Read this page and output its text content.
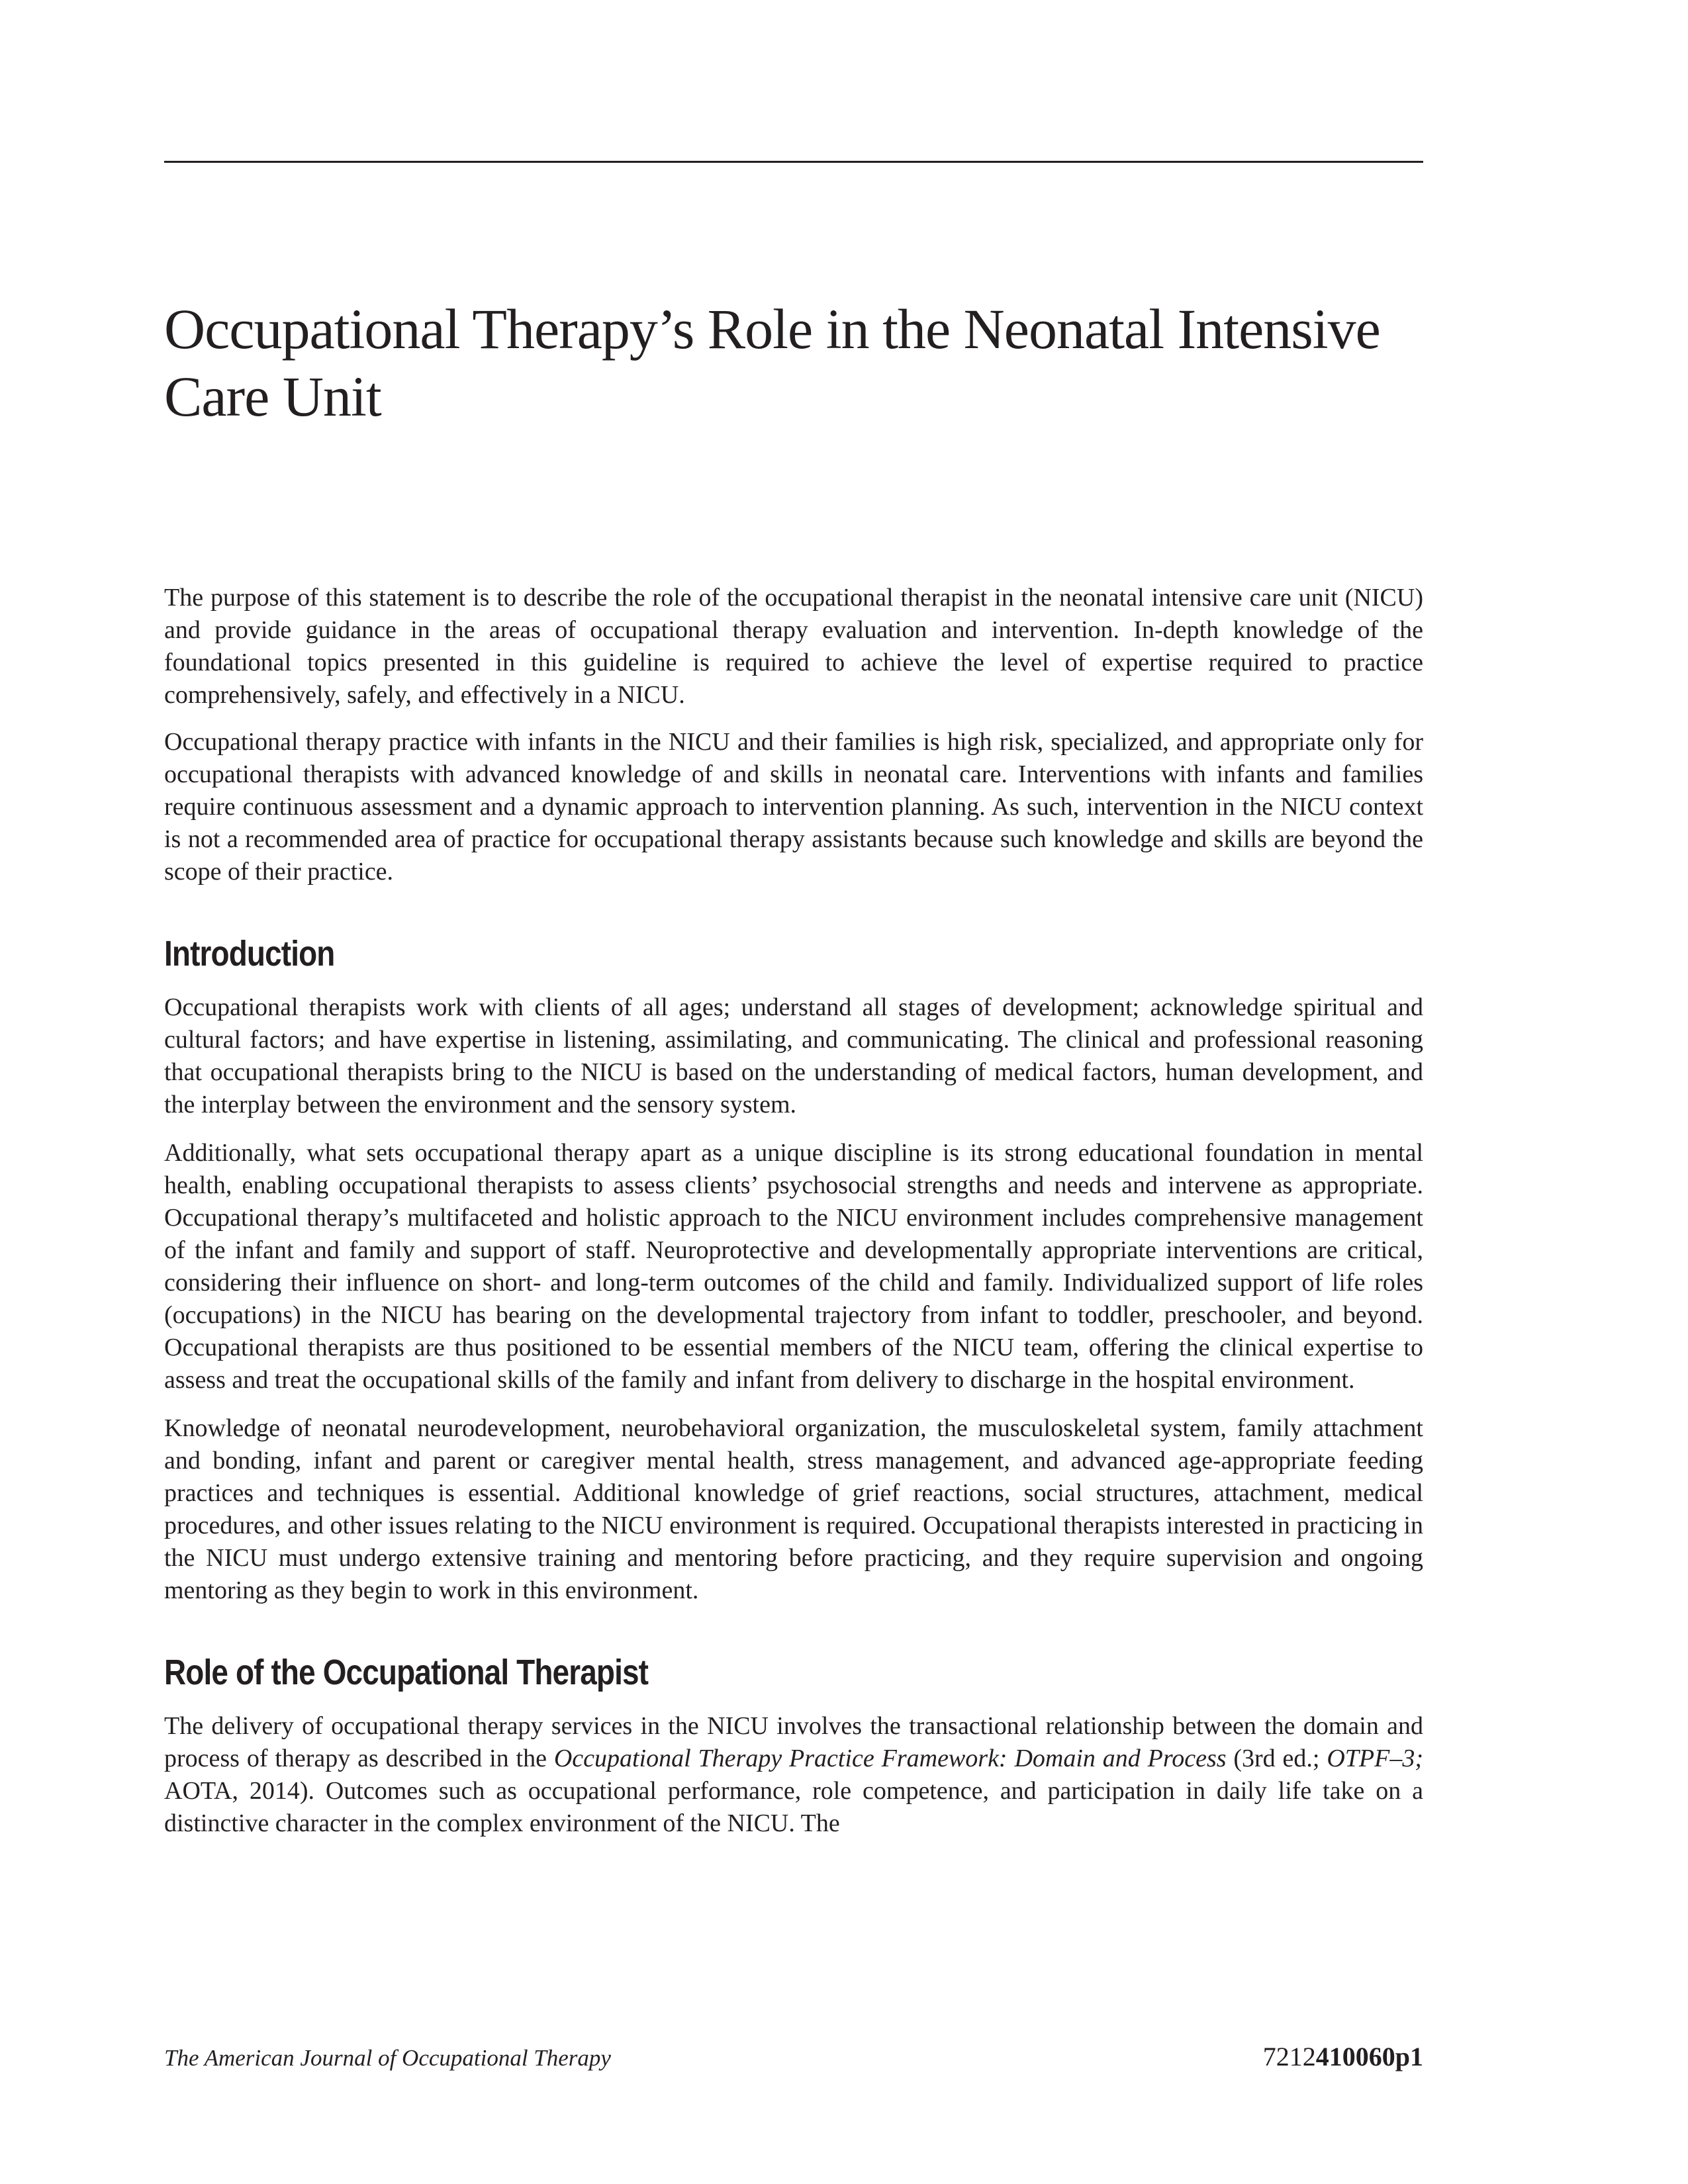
Occupational Therapy’s Role in the Neonatal Intensive Care Unit

The purpose of this statement is to describe the role of the occupational therapist in the neonatal intensive care unit (NICU) and provide guidance in the areas of occupational therapy evaluation and intervention. In-depth knowledge of the foundational topics presented in this guideline is required to achieve the level of expertise required to practice comprehensively, safely, and effectively in a NICU.

Occupational therapy practice with infants in the NICU and their families is high risk, specialized, and appropriate only for occupational therapists with advanced knowledge of and skills in neonatal care. Interventions with infants and families require continuous assessment and a dynamic approach to intervention planning. As such, intervention in the NICU context is not a recommended area of practice for occupational therapy assistants because such knowledge and skills are beyond the scope of their practice.

Introduction

Occupational therapists work with clients of all ages; understand all stages of development; acknowledge spiritual and cultural factors; and have expertise in listening, assimilating, and communicating. The clinical and professional reasoning that occupational therapists bring to the NICU is based on the understanding of medical factors, human development, and the interplay between the environment and the sensory system.

Additionally, what sets occupational therapy apart as a unique discipline is its strong educational foundation in mental health, enabling occupational therapists to assess clients’ psychosocial strengths and needs and intervene as appropriate. Occupational therapy’s multifaceted and holistic approach to the NICU environment includes comprehensive management of the infant and family and support of staff. Neuroprotective and developmentally appropriate interventions are critical, considering their influence on short- and long-term outcomes of the child and family. Individualized support of life roles (occupations) in the NICU has bearing on the developmental trajectory from infant to toddler, preschooler, and beyond. Occupational therapists are thus positioned to be essential members of the NICU team, offering the clinical expertise to assess and treat the occupational skills of the family and infant from delivery to discharge in the hospital environment.

Knowledge of neonatal neurodevelopment, neurobehavioral organization, the musculoskeletal system, family attachment and bonding, infant and parent or caregiver mental health, stress management, and advanced age-appropriate feeding practices and techniques is essential. Additional knowledge of grief reactions, social structures, attachment, medical procedures, and other issues relating to the NICU environment is required. Occupational therapists interested in practicing in the NICU must undergo extensive training and mentoring before practicing, and they require supervision and ongoing mentoring as they begin to work in this environment.

Role of the Occupational Therapist

The delivery of occupational therapy services in the NICU involves the transactional relationship between the domain and process of therapy as described in the Occupational Therapy Practice Framework: Domain and Process (3rd ed.; OTPF–3; AOTA, 2014). Outcomes such as occupational performance, role competence, and participation in daily life take on a distinctive character in the complex environment of the NICU. The

The American Journal of Occupational Therapy	7212410060p1
